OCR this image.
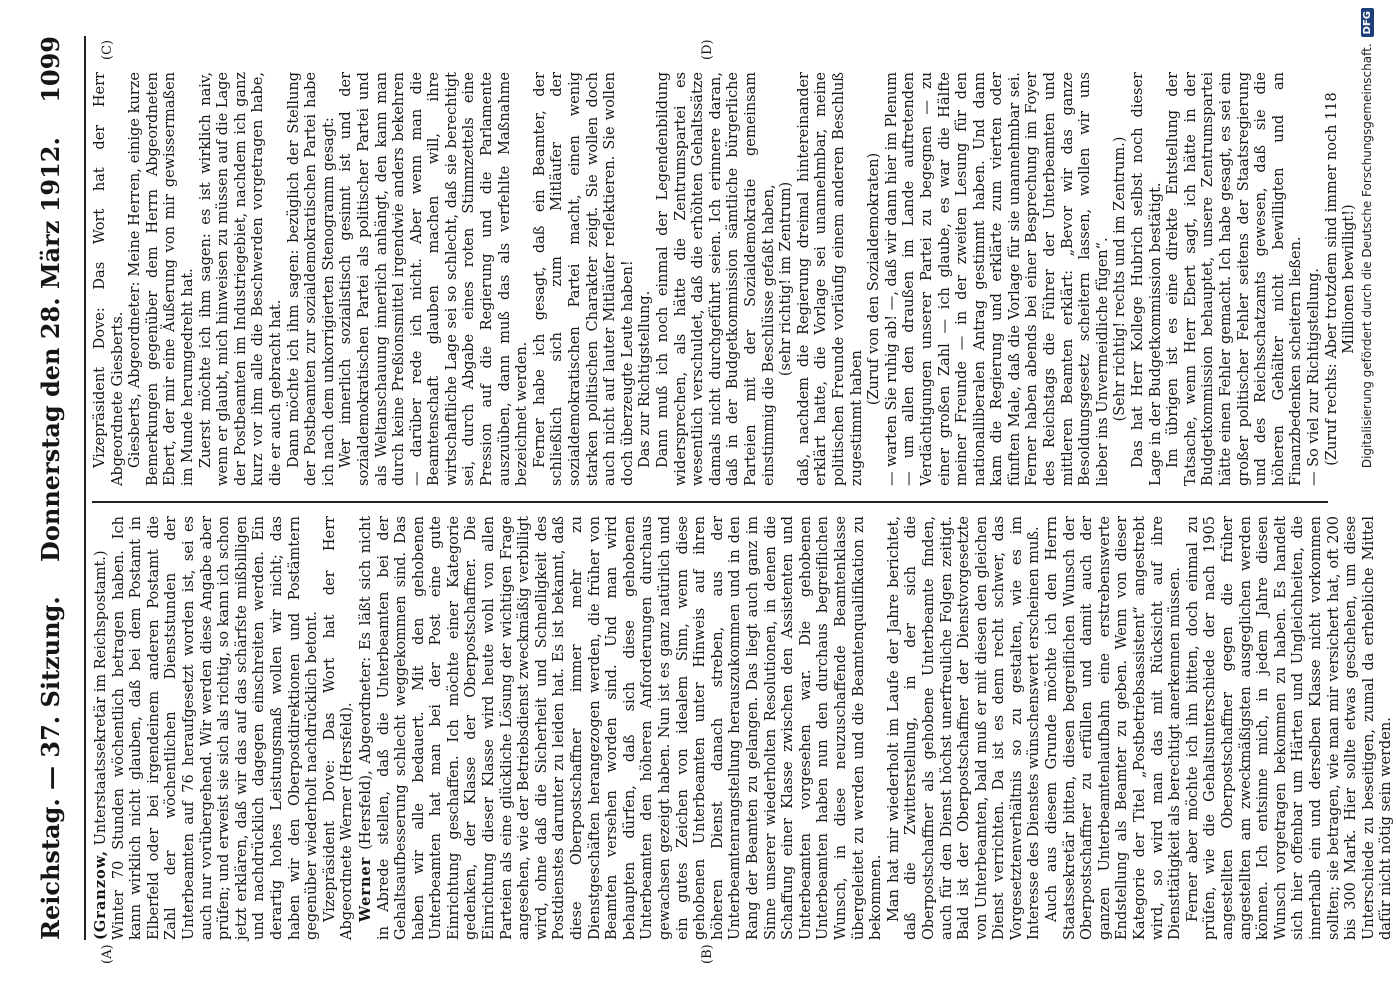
Reichstag. — 37. Sitzung.
Donnerstag den 28. März 1912.
1099
(A)	(B)
(C)	(D)

(Granzow, Unterstaatssekretär im Reichspostamt.) Winter 70 Stunden wöchentlich betragen haben. Ich kann wirklich nicht glauben, daß bei dem Postamt in Elberfeld oder bei irgendeinem anderen Postamt die Zahl der wöchentlichen Dienststunden der Unterbeamten auf 76 heraufgesetzt worden ist, sei es auch nur vorübergehend. Wir werden diese Angabe aber prüfen; und erweist sie sich als richtig, so kann ich schon jetzt erklären, daß wir das auf das schärfste mißbilligen und nachdrücklich dagegen einschreiten werden. Ein derartig hohes Leistungsmaß wollen wir nicht; das haben wir den Oberpostdirektionen und Postämtern gegenüber wiederholt nachdrücklich betont. Vizepräsident Dove: Das Wort hat der Herr Abgeordnete Werner (Hersfeld). Werner (Hersfeld), Abgeordneter: Es läßt sich nicht in Abrede stellen, daß die Unterbeamten bei der Gehaltsaufbesserung schlecht weggekommen sind. Das haben wir alle bedauert. Mit den gehobenen Unterbeamten hat man bei der Post eine gute Einrichtung geschaffen. Ich möchte einer Kategorie gedenken, der Klasse der Oberpostschaffner. Die Einrichtung dieser Klasse wird heute wohl von allen Parteien als eine glückliche Lösung der wichtigen Frage angesehen, wie der Betriebsdienst zweckmäßig verbilligt wird, ohne daß die Sicherheit und Schnelligkeit des Postdienstes darunter zu leiden hat. Es ist bekannt, daß diese Oberpostschaffner immer mehr zu Dienstgeschäften herangezogen werden, die früher von Beamten versehen worden sind. Und man wird behaupten dürfen, daß sich diese gehobenen Unterbeamten den höheren Anforderungen durchaus gewachsen gezeigt haben. Nun ist es ganz natürlich und ein gutes Zeichen von idealem Sinn, wenn diese gehobenen Unterbeamten unter Hinweis auf ihren höheren Dienst danach streben, aus der Unterbeamtenrangstellung herauszukommen und in den Rang der Beamten zu gelangen. Das liegt auch ganz im Sinne unserer wiederholten Resolutionen, in denen die Schaffung einer Klasse zwischen den Assistenten und Unterbeamten vorgesehen war. Die gehobenen Unterbeamten haben nun den durchaus begreiflichen Wunsch, in diese neuzuschaffende Beamtenklasse übergeleitet zu werden und die Beamtenqualifikation zu bekommen. Man hat mir wiederholt im Laufe der Jahre berichtet, daß die Zwitterstellung, in der sich die Oberpostschaffner als gehobene Unterbeamte finden, auch für den Dienst höchst unerfreuliche Folgen zeitigt. Bald ist der Oberpostschaffner der Dienstvorgesetzte von Unterbeamten, bald muß er mit diesen den gleichen Dienst verrichten. Da ist es denn recht schwer, das Vorgesetztenverhältnis so zu gestalten, wie es im Interesse des Dienstes wünschenswert erscheinen muß. Auch aus diesem Grunde möchte ich den Herrn Staatssekretär bitten, diesen begreiflichen Wunsch der Oberpostschaffner zu erfüllen und damit auch der ganzen Unterbeamtenlaufbahn eine erstrebenswerte Endstellung als Beamter zu geben. Wenn von dieser Kategorie der Titel „Postbetriebsassistent“ angestrebt wird, so wird man das mit Rücksicht auf ihre Diensttätigkeit als berechtigt anerkennen müssen. Ferner aber möchte ich ihn bitten, doch einmal zu prüfen, wie die Gehaltsunterschiede der nach 1905 angestellten Oberpostschaffner gegen die früher angestellten am zweckmäßigsten ausgeglichen werden können. Ich entsinne mich, in jedem Jahre diesen Wunsch vorgetragen bekommen zu haben. Es handelt sich hier offenbar um Härten und Ungleichheiten, die innerhalb ein und derselben Klasse nicht vorkommen sollten; sie betragen, wie man mir versichert hat, oft 200 bis 300 Mark. Hier sollte etwas geschehen, um diese Unterschiede zu beseitigen, zumal da erhebliche Mittel dafür nicht nötig sein werden.

Vizepräsident Dove: Das Wort hat der Herr Abgeordnete Giesberts. Giesberts, Abgeordneter: Meine Herren, einige kurze Bemerkungen gegenüber dem Herrn Abgeordneten Ebert, der mir eine Äußerung von mir gewissermaßen im Munde herumgedreht hat. Zuerst möchte ich ihm sagen: es ist wirklich naiv, wenn er glaubt, mich hinweisen zu müssen auf die Lage der Postbeamten im Industriegebiet, nachdem ich ganz kurz vor ihm alle die Beschwerden vorgetragen habe, die er auch gebracht hat. Dann möchte ich ihm sagen: bezüglich der Stellung der Postbeamten zur sozialdemokratischen Partei habe ich nach dem unkorrigierten Stenogramm gesagt: Wer innerlich sozialistisch gesinnt ist und der sozialdemokratischen Partei als politischer Partei und als Weltanschauung innerlich anhängt, den kann man durch keine Preßionsmittel irgendwie anders bekehren — darüber rede ich nicht. Aber wenn man die Beamtenschaft glauben machen will, ihre wirtschaftliche Lage sei so schlecht, daß sie berechtigt sei, durch Abgabe eines roten Stimmzettels eine Pression auf die Regierung und die Parlamente auszuüben, dann muß das als verfehlte Maßnahme bezeichnet werden. Ferner habe ich gesagt, daß ein Beamter, der schließlich sich zum Mitläufer der sozialdemokratischen Partei macht, einen wenig starken politischen Charakter zeigt. Sie wollen doch auch nicht auf lauter Mitläufer reflektieren. Sie wollen doch überzeugte Leute haben! Das zur Richtigstellung. Dann muß ich noch einmal der Legendenbildung widersprechen, als hätte die Zentrumspartei es wesentlich verschuldet, daß die erhöhten Gehaltssätze damals nicht durchgeführt seien. Ich erinnere daran, daß in der Budgetkommission sämtliche bürgerliche Parteien mit der Sozialdemokratie gemeinsam einstimmig die Beschlüsse gefaßt haben, (sehr richtig! im Zentrum) daß, nachdem die Regierung dreimal hintereinander erklärt hatte, die Vorlage sei unannehmbar, meine politischen Freunde vorläufig einem anderen Beschluß zugestimmt haben

(Zuruf von den Sozialdemokraten) — warten Sie ruhig ab! —, daß wir dann hier im Plenum — um allen den draußen im Lande auftretenden Verdächtigungen unserer Partei zu begegnen — zu einer großen Zahl — ich glaube, es war die Hälfte meiner Freunde — in der zweiten Lesung für den nationalliberalen Antrag gestimmt haben. Und dann kam die Regierung und erklärte zum vierten oder fünften Male, daß die Vorlage für sie unannehmbar sei. Ferner haben abends bei einer Besprechung im Foyer des Reichstags die Führer der Unterbeamten und mittleren Beamten erklärt: „Bevor wir das ganze Besoldungsgesetz scheitern lassen, wollen wir uns lieber ins Unvermeidliche fügen“. (Sehr richtig! rechts und im Zentrum.) Das hat Herr Kollege Hubrich selbst noch dieser Lage in der Budgetkommission bestätigt. Im übrigen ist es eine direkte Entstellung der Tatsache, wenn Herr Ebert sagt, ich hätte in der Budgetkommission behauptet, unsere Zentrumspartei hätte einen Fehler gemacht. Ich habe gesagt, es sei ein großer politischer Fehler seitens der Staatsregierung und des Reichsschatzamts gewesen, daß sie die höheren Gehälter nicht bewilligten und an Finanzbedenken scheitern ließen. — So viel zur Richtigstellung. (Zuruf rechts: Aber trotzdem sind immer noch 118 Millionen bewilligt!) Digitalisierung gefördert durch die Deutsche Forschungsgemeinschaft.
DFG
